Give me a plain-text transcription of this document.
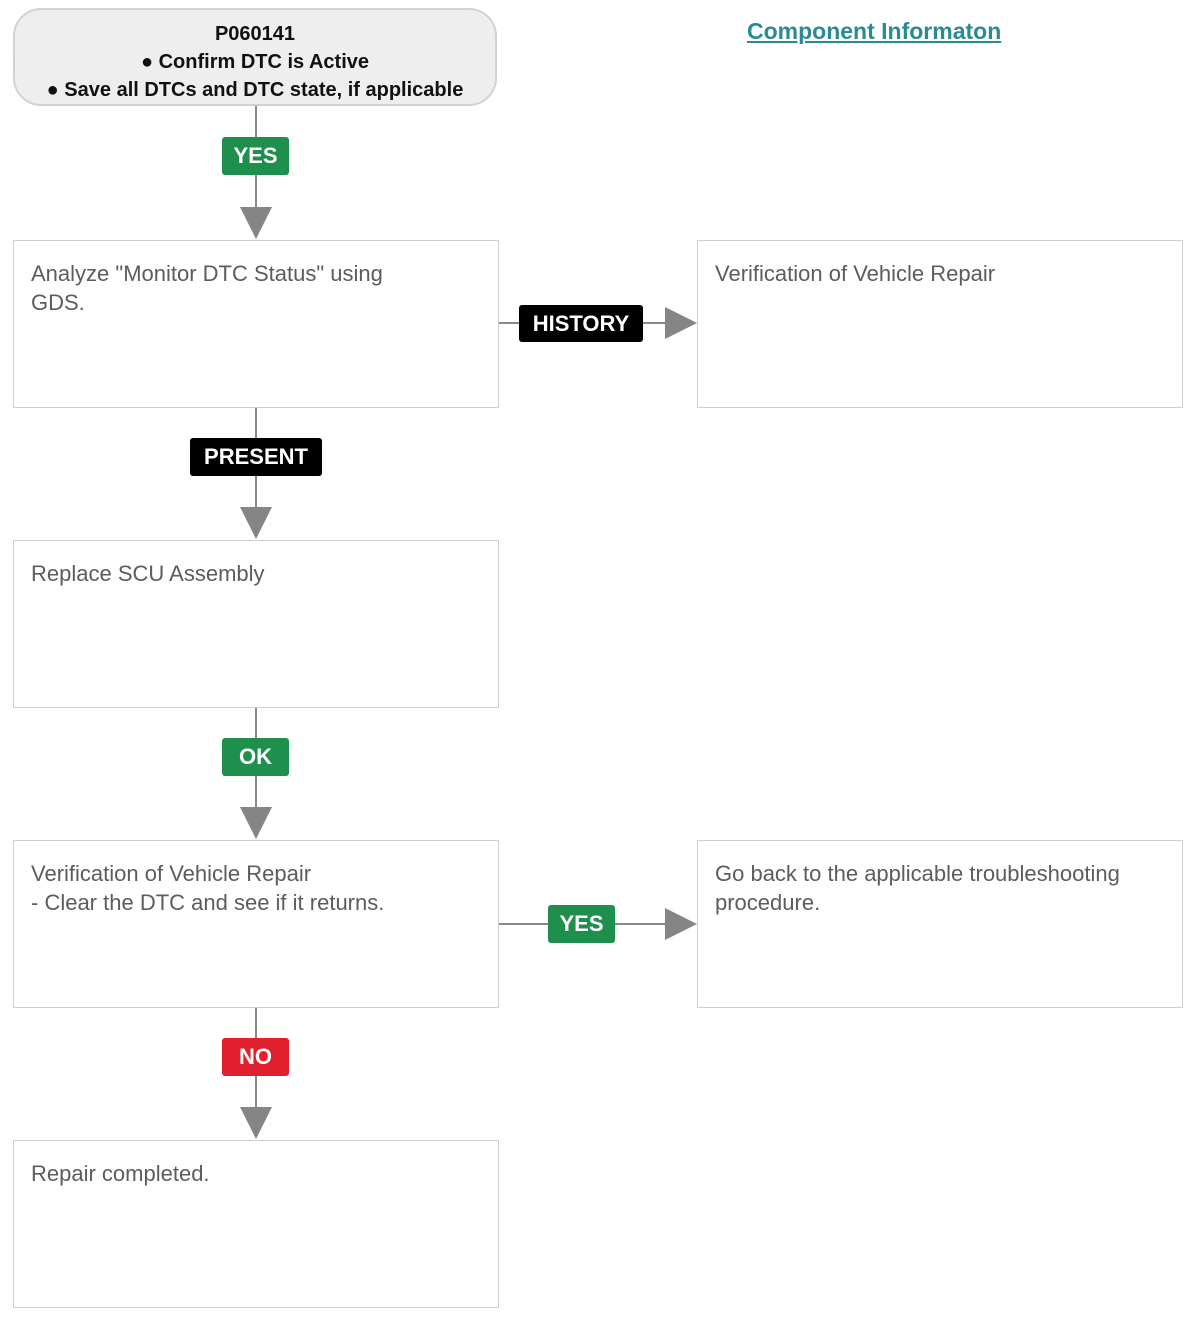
P060141
● Confirm DTC is Active
● Save all DTCs and DTC state, if applicable
Component Informaton
YES
Analyze "Monitor DTC Status" using
GDS.
HISTORY
Verification of Vehicle Repair
PRESENT
Replace SCU Assembly
OK
Verification of Vehicle Repair
- Clear the DTC and see if it returns.
YES
Go back to the applicable troubleshooting
procedure.
NO
Repair completed.
